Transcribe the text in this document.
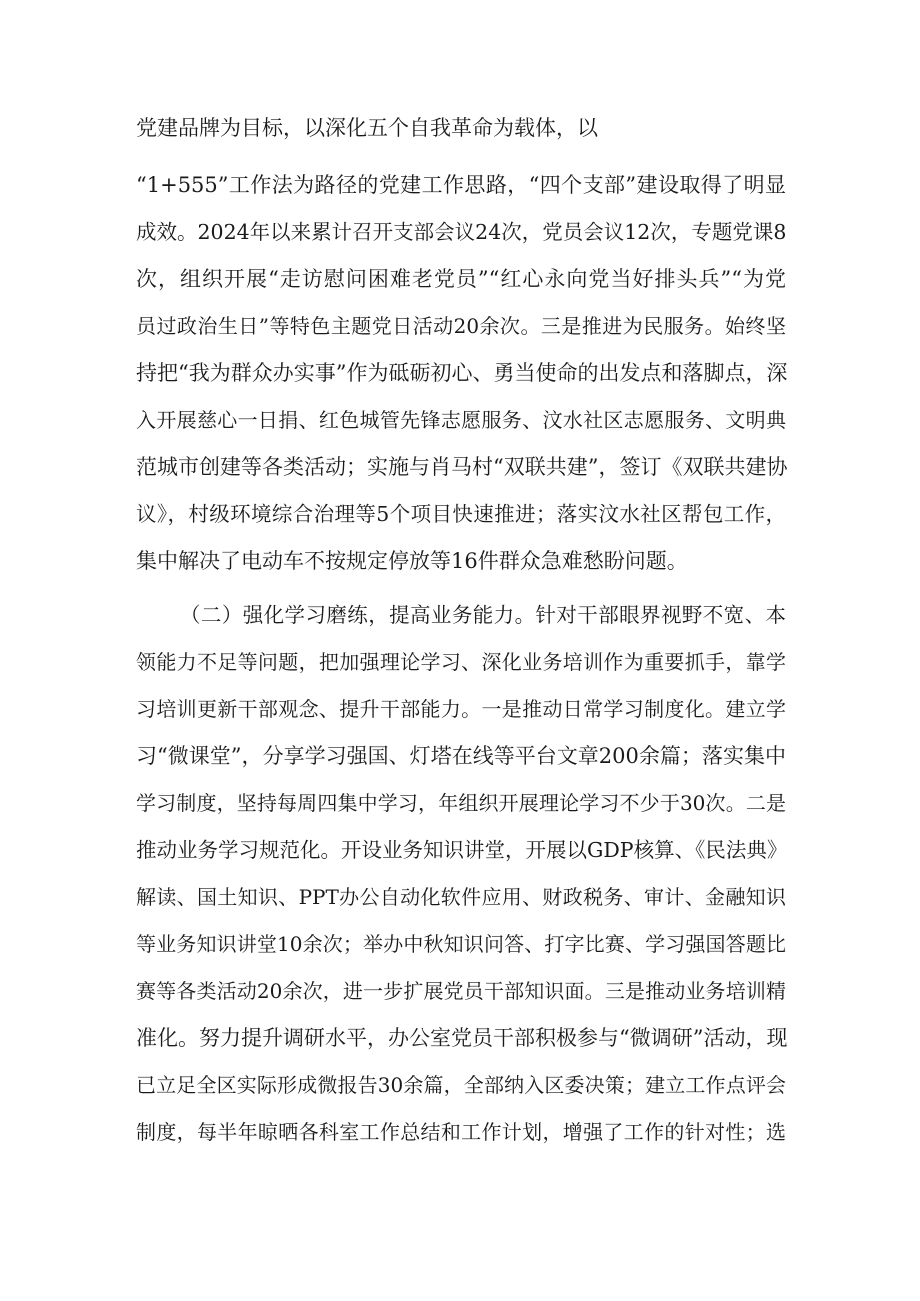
党建品牌为目标，以深化五个自我革命为载体，以
“1+555”工作法为路径的党建工作思路，“四个支部”建设取得了明显
成效。2024年以来累计召开支部会议24次，党员会议12次，专题党课8
次，组织开展“走访慰问困难老党员”“红心永向党当好排头兵”“为党
员过政治生日”等特色主题党日活动20余次。三是推进为民服务。始终坚
持把“我为群众办实事”作为砥砺初心、勇当使命的出发点和落脚点，深
入开展慈心一日捐、红色城管先锋志愿服务、汶水社区志愿服务、文明典
范城市创建等各类活动；实施与肖马村“双联共建”，签订《双联共建协
议》，村级环境综合治理等5个项目快速推进；落实汶水社区帮包工作，
集中解决了电动车不按规定停放等16件群众急难愁盼问题。
（二）强化学习磨练，提高业务能力。针对干部眼界视野不宽、本
领能力不足等问题，把加强理论学习、深化业务培训作为重要抓手，靠学
习培训更新干部观念、提升干部能力。一是推动日常学习制度化。建立学
习“微课堂”，分享学习强国、灯塔在线等平台文章200余篇；落实集中
学习制度，坚持每周四集中学习，年组织开展理论学习不少于30次。二是
推动业务学习规范化。开设业务知识讲堂，开展以GDP核算、《民法典》
解读、国土知识、PPT办公自动化软件应用、财政税务、审计、金融知识
等业务知识讲堂10余次；举办中秋知识问答、打字比赛、学习强国答题比
赛等各类活动20余次，进一步扩展党员干部知识面。三是推动业务培训精
准化。努力提升调研水平，办公室党员干部积极参与“微调研”活动，现
已立足全区实际形成微报告30余篇，全部纳入区委决策；建立工作点评会
制度，每半年晾晒各科室工作总结和工作计划，增强了工作的针对性；选
